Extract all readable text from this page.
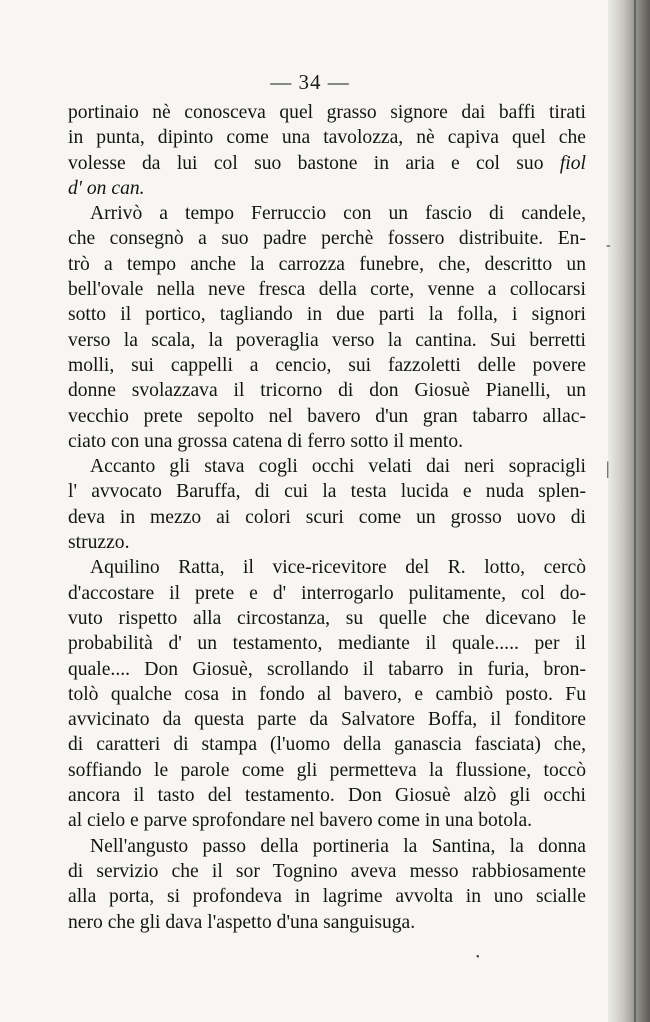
— 34 —
portinaio nè conosceva quel grasso signore dai baffi tirati
in punta, dipinto come una tavolozza, nè capiva quel che
volesse da lui col suo bastone in aria e col suo fiol
d' on can.
Arrivò a tempo Ferruccio con un fascio di candele,
che consegnò a suo padre perchè fossero distribuite. En-
trò a tempo anche la carrozza funebre, che, descritto un
bell'ovale nella neve fresca della corte, venne a collocarsi
sotto il portico, tagliando in due parti la folla, i signori
verso la scala, la poveraglia verso la cantina. Sui berretti
molli, sui cappelli a cencio, sui fazzoletti delle povere
donne svolazzava il tricorno di don Giosuè Pianelli, un
vecchio prete sepolto nel bavero d'un gran tabarro allac-
ciato con una grossa catena di ferro sotto il mento.
Accanto gli stava cogli occhi velati dai neri sopracigli
l' avvocato Baruffa, di cui la testa lucida e nuda splen-
deva in mezzo ai colori scuri come un grosso uovo di
struzzo.
Aquilino Ratta, il vice-ricevitore del R. lotto, cercò
d'accostare il prete e d' interrogarlo pulitamente, col do-
vuto rispetto alla circostanza, su quelle che dicevano le
probabilità d' un testamento, mediante il quale..... per il
quale.... Don Giosuè, scrollando il tabarro in furia, bron-
tolò qualche cosa in fondo al bavero, e cambiò posto. Fu
avvicinato da questa parte da Salvatore Boffa, il fonditore
di caratteri di stampa (l'uomo della ganascia fasciata) che,
soffiando le parole come gli permetteva la flussione, toccò
ancora il tasto del testamento. Don Giosuè alzò gli occhi
al cielo e parve sprofondare nel bavero come in una botola.
Nell'angusto passo della portineria la Santina, la donna
di servizio che il sor Tognino aveva messo rabbiosamente
alla porta, si profondeva in lagrime avvolta in uno scialle
nero che gli dava l'aspetto d'una sanguisuga.
-
|
•
